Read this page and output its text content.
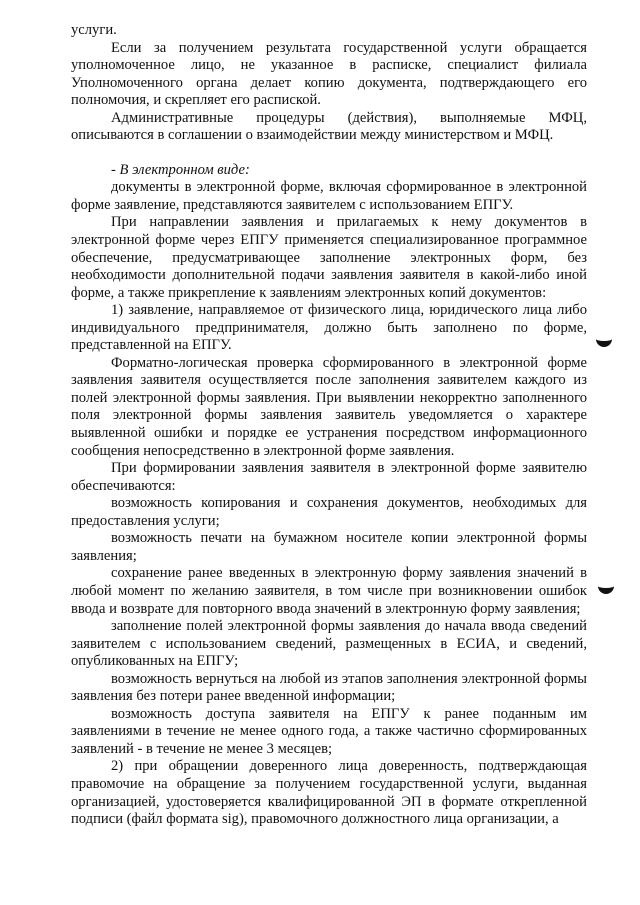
услуги.

Если за получением результата государственной услуги обращается уполномоченное лицо, не указанное в расписке, специалист филиала Уполномоченного органа делает копию документа, подтверждающего его полномочия, и скрепляет его распиской.

Административные процедуры (действия), выполняемые МФЦ, описываются в соглашении о взаимодействии между министерством и МФЦ.

- В электронном виде:

документы в электронной форме, включая сформированное в электронной форме заявление, представляются заявителем с использованием ЕПГУ.

При направлении заявления и прилагаемых к нему документов в электронной форме через ЕПГУ применяется специализированное программное обеспечение, предусматривающее заполнение электронных форм, без необходимости дополнительной подачи заявления заявителя в какой-либо иной форме, а также прикрепление к заявлениям электронных копий документов:

1) заявление, направляемое от физического лица, юридического лица либо индивидуального предпринимателя, должно быть заполнено по форме, представленной на ЕПГУ.

Форматно-логическая проверка сформированного в электронной форме заявления заявителя осуществляется после заполнения заявителем каждого из полей электронной формы заявления. При выявлении некорректно заполненного поля электронной формы заявления заявитель уведомляется о характере выявленной ошибки и порядке ее устранения посредством информационного сообщения непосредственно в электронной форме заявления.

При формировании заявления заявителя в электронной форме заявителю обеспечиваются:

возможность копирования и сохранения документов, необходимых для предоставления услуги;

возможность печати на бумажном носителе копии электронной формы заявления;

сохранение ранее введенных в электронную форму заявления значений в любой момент по желанию заявителя, в том числе при возникновении ошибок ввода и возврате для повторного ввода значений в электронную форму заявления;

заполнение полей электронной формы заявления до начала ввода сведений заявителем с использованием сведений, размещенных в ЕСИА, и сведений, опубликованных на ЕПГУ;

возможность вернуться на любой из этапов заполнения электронной формы заявления без потери ранее введенной информации;

возможность доступа заявителя на ЕПГУ к ранее поданным им заявлениями в течение не менее одного года, а также частично сформированных заявлений - в течение не менее 3 месяцев;

2) при обращении доверенного лица доверенность, подтверждающая правомочие на обращение за получением государственной услуги, выданная организацией, удостоверяется квалифицированной ЭП в формате открепленной подписи (файл формата sig), правомочного должностного лица организации, а
